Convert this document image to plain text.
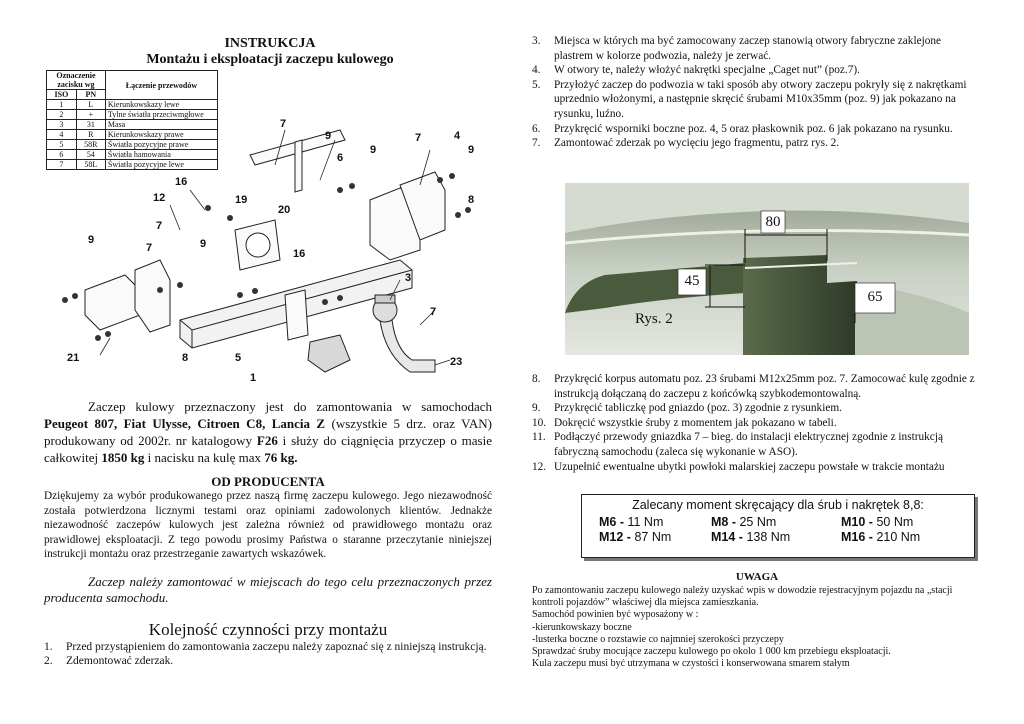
INSTRUKCJA
Montażu i eksploatacji zaczepu kulowego
Oznaczenie zacisku wg		Łączenie przewodów
ISO	PN	
1	L	Kierunkowskazy lewe
2	+	Tylne światła przeciwmgłowe
3	31	Masa
4	R	Kierunkowskazy prawe
5	58R	Światła pozycyjne prawe
6	54	Światła hamowania
7	58L	Światła pozycyjne lewe
7
9
6
9
7	4
9
16
12	19
20
8
7
9
7	9
16
3
7
21	8	5
1
23
Zaczep kulowy przeznaczony jest do zamontowania w samochodach Peugeot 807, Fiat Ulysse, Citroen C8, Lancia Z (wszystkie 5 drz. oraz VAN) produkowany od 2002r. nr katalogowy F26 i służy do ciągnięcia przyczep o masie całkowitej 1850 kg i nacisku na kulę max 76 kg.
OD PRODUCENTA
Dziękujemy za wybór produkowanego przez naszą firmę zaczepu kulowego. Jego niezawodność została potwierdzona licznymi testami oraz opiniami zadowolonych klientów. Jednakże niezawodność zaczepów kulowych jest zależna również od prawidłowego montażu oraz prawidłowej eksploatacji. Z tego powodu prosimy Państwa o staranne przeczytanie niniejszej instrukcji montażu oraz przestrzeganie zawartych wskazówek.
Zaczep należy zamontować w miejscach do tego celu przeznaczonych przez producenta samochodu.
Kolejność czynności przy montażu
1. Przed przystąpieniem do zamontowania zaczepu należy zapoznać się z niniejszą instrukcją.
2. Zdemontować zderzak.
3. Miejsca w których ma być zamocowany zaczep stanowią otwory fabryczne zaklejone plastrem w kolorze podwozia, należy je zerwać.
4. W otwory te, należy włożyć nakrętki specjalne „Caget nut” (poz.7).
5. Przyłożyć zaczep do podwozia w taki sposób aby otwory zaczepu pokryły się z nakrętkami uprzednio włożonymi, a następnie skręcić śrubami M10x35mm (poz. 9) jak pokazano na rysunku, luźno.
6. Przykręcić wsporniki boczne poz. 4, 5 oraz płaskownik poz. 6 jak pokazano na rysunku.
7. Zamontować zderzak po wycięciu jego fragmentu, patrz rys. 2.
80
45
65
Rys. 2
8. Przykręcić korpus automatu poz. 23 śrubami M12x25mm poz. 7. Zamocować kulę zgodnie z instrukcją dołączaną do zaczepu z końcówką szybkodemontowalną.
9. Przykręcić tabliczkę pod gniazdo (poz. 3) zgodnie z rysunkiem.
10. Dokręcić wszystkie śruby z momentem jak pokazano w tabeli.
11. Podłączyć przewody gniazdka 7 – bieg. do instalacji elektrycznej zgodnie z instrukcją fabryczną samochodu (zaleca się wykonanie w ASO).
12. Uzupełnić ewentualne ubytki powłoki malarskiej zaczepu powstałe w trakcie montażu
Zalecany moment skręcający dla śrub i nakrętek 8,8:
M6 - 11 Nm	M8 - 25 Nm	M10 - 50 Nm
M12 - 87 Nm	M14 - 138 Nm	M16 - 210 Nm
UWAGA

Po zamontowaniu zaczepu kulowego należy uzyskać wpis w dowodzie rejestracyjnym pojazdu na „stacji kontroli pojazdów” właściwej dla miejsca zamieszkania.

Samochód powinien być wyposażony w :

-kierunkowskazy boczne

-lusterka boczne o rozstawie co najmniej szerokości przyczepy

Sprawdzać śruby mocujące zaczepu kulowego po okolo 1 000 km przebiegu eksploatacji.

Kula zaczepu musi być utrzymana w czystości i konserwowana smarem stałym
